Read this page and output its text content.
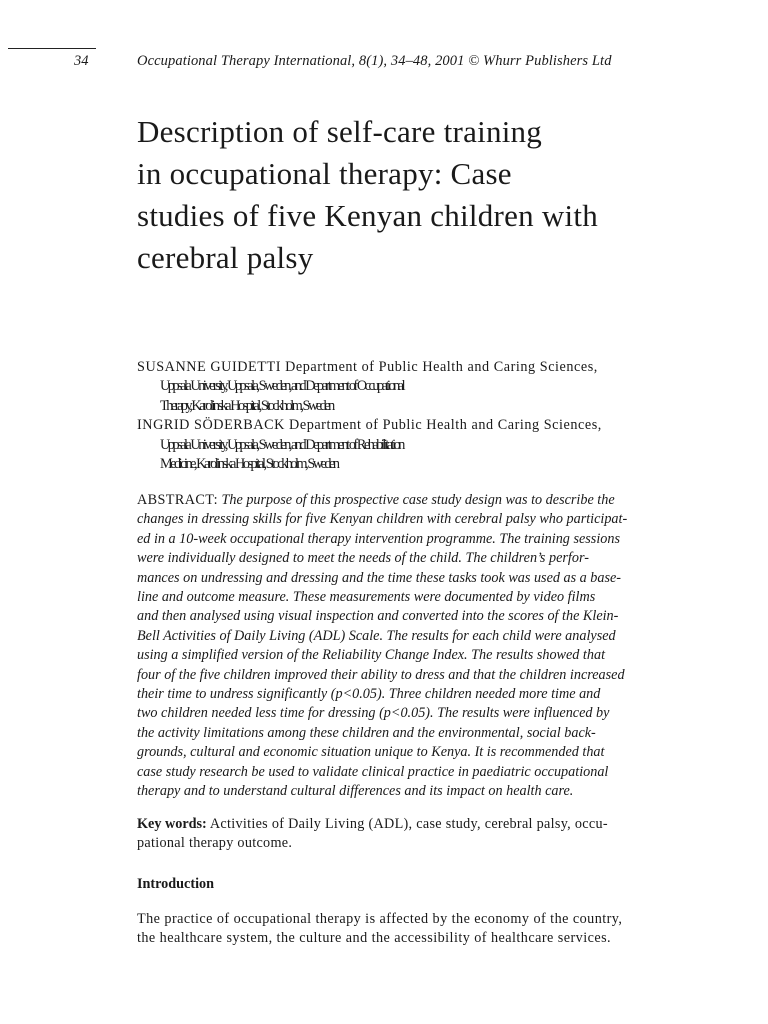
34	Occupational Therapy International, 8(1), 34–48, 2001 © Whurr Publishers Ltd
Description of self-care training
in occupational therapy: Case
studies of five Kenyan children with
cerebral palsy

SUSANNE GUIDETTI Department of Public Health and Caring Sciences,
Uppsala University, Uppsala, Sweden, and Department of Occupational
Therapy, Karolinska Hospital, Stockholm, Sweden

INGRID SÖDERBACK Department of Public Health and Caring Sciences,
Uppsala University, Uppsala, Sweden, and Department of Rehabilitation
Medicine, Karolinska Hospital, Stockholm, Sweden

ABSTRACT: The purpose of this prospective case study design was to describe the
changes in dressing skills for five Kenyan children with cerebral palsy who participat-
ed in a 10-week occupational therapy intervention programme. The training sessions
were individually designed to meet the needs of the child. The children’s perfor-
mances on undressing and dressing and the time these tasks took was used as a base-
line and outcome measure. These measurements were documented by video films
and then analysed using visual inspection and converted into the scores of the Klein-
Bell Activities of Daily Living (ADL) Scale. The results for each child were analysed
using a simplified version of the Reliability Change Index. The results showed that
four of the five children improved their ability to dress and that the children increased
their time to undress significantly (p<0.05). Three children needed more time and
two children needed less time for dressing (p<0.05). The results were influenced by
the activity limitations among these children and the environmental, social back-
grounds, cultural and economic situation unique to Kenya. It is recommended that
case study research be used to validate clinical practice in paediatric occupational
therapy and to understand cultural differences and its impact on health care.
Key words: Activities of Daily Living (ADL), case study, cerebral palsy, occu-
pational therapy outcome.
Introduction
The practice of occupational therapy is affected by the economy of the country,
the healthcare system, the culture and the accessibility of healthcare services.
